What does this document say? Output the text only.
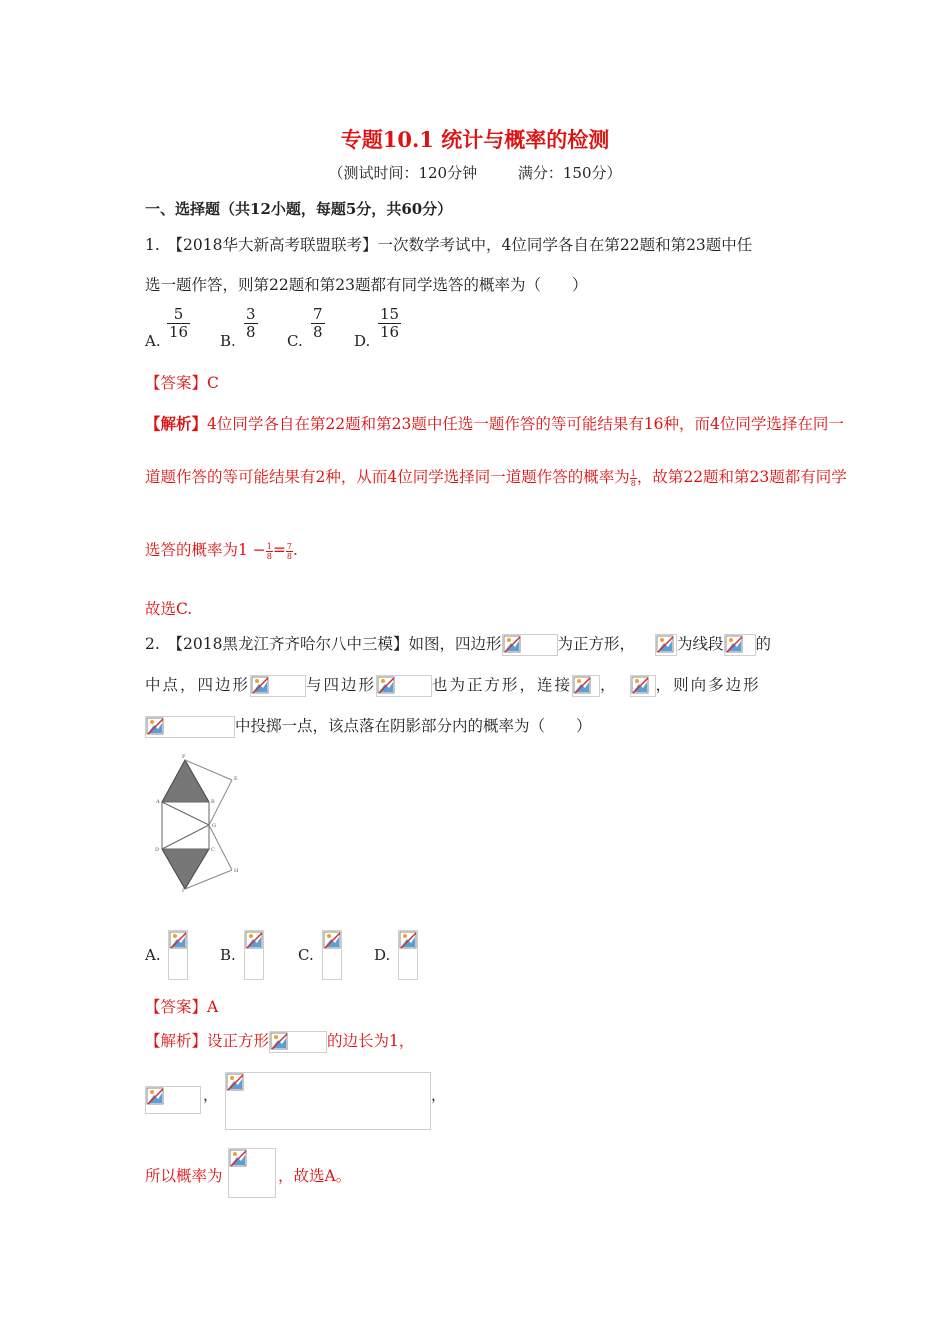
专题10.1 统计与概率的检测
（测试时间：120分钟	满分：150分）
一、选择题（共12小题，每题5分，共60分）
1.　【2018华大新高考联盟联考】一次数学考试中，4位同学各自在第22题和第23题中任
选一题作答，则第22题和第23题都有同学选答的概率为（　　）
A. $\frac{5}{16} B$. $\frac{3}{8} C$. $\frac{7}{8} D$. $\frac{15}{16}$
【答案】C
【解析】4位同学各自在第22题和第23题中任选一题作答的等可能结果有16种，而4位同学选择在同一
道题作答的等可能结果有2种，从而4位同学选择同一道题作答的概率为 $\frac{1}{8}$，故第22题和第23题都有同学
选答的概率为$1 - \frac{1}{8}= \frac{7}{8}$.
故选C.
2.　【2018黑龙江齐齐哈尔八中三模】如图，四边形	为正方形，	为线段 的
中点，四边形	与四边形	也为正方形，连接 ， ，则向多边形
中投掷一点，该点落在阴影部分内的概率为（　　）
F
E
A	B
G
D	C
H
I
A.	B.	C.	D.
【答案】A
【解析】设正方形	的边长为1，
，	，
所以概率为	，故选A。
